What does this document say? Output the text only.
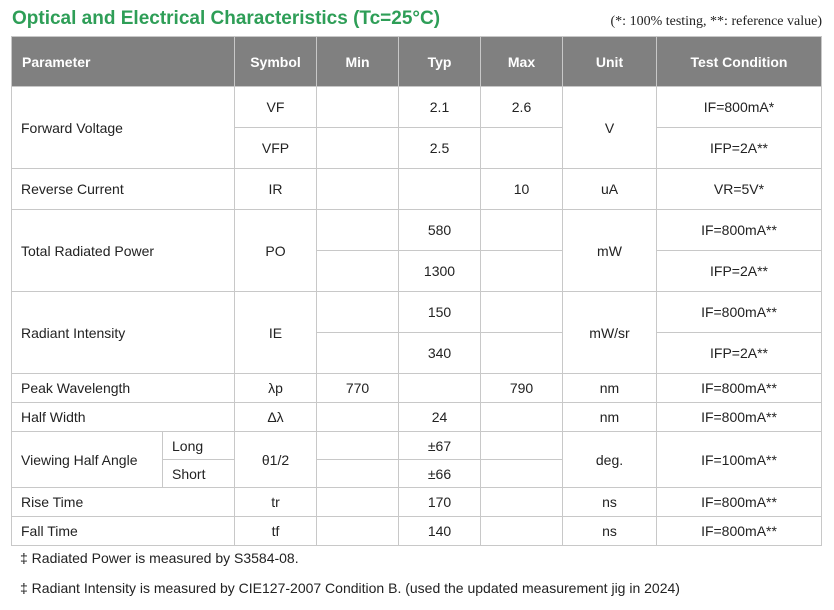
Optical and Electrical Characteristics (Tc=25°C)	(*: 100% testing, **: reference value)
Parameter		Symbol	Min	Typ	Max	Unit	Test Condition
Forward Voltage		VF		2.1	2.6	V	IF=800mA*
		VFP		2.5			IFP=2A**
Reverse Current		IR			10	uA	VR=5V*
Total Radiated Power		PO		580		mW	IF=800mA**
				1300			IFP=2A**
Radiant Intensity		IE		150		mW/sr	IF=800mA**
				340			IFP=2A**
Peak Wavelength		λp	770		790	nm	IF=800mA**
Half Width		Δλ		24		nm	IF=800mA**
Viewing Half Angle	Long	θ1/2		±67		deg.	IF=100mA**
	Short			±66			
Rise Time		tr		170		ns	IF=800mA**
Fall Time		tf		140		ns	IF=800mA**
‡ Radiated Power is measured by S3584-08.
‡ Radiant Intensity is measured by CIE127-2007 Condition B. (used the updated measurement jig in 2024)
